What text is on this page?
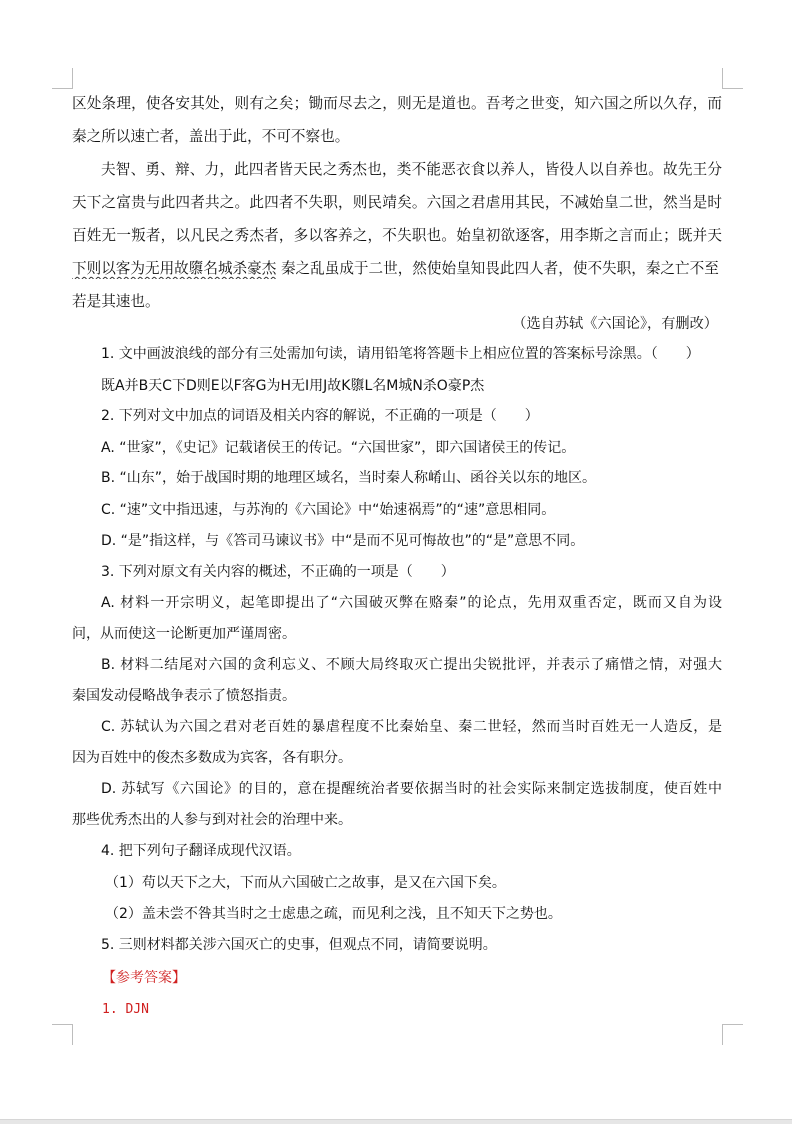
区处条理，使各安其处，则有之矣；锄而尽去之，则无是道也。吾考之世变，知六国之所以久存，而
秦之所以速亡者，盖出于此，不可不察也。
夫智、勇、辩、力，此四者皆天民之秀杰也，类不能恶衣食以养人，皆役人以自养也。故先王分
天下之富贵与此四者共之。此四者不失职，则民靖矣。六国之君虐用其民，不减始皇二世，然当是时
百姓无一叛者，以凡民之秀杰者，多以客养之，不失职也。始皇初欲逐客，用李斯之言而止；既并天
下则以客为无用故隳名城杀豪杰 秦之乱虽成于二世，然使始皇知畏此四人者，使不失职，秦之亡不至
若是其速也。
（选自苏轼《六国论》，有删改）
1. 文中画波浪线的部分有三处需加句读，请用铅笔将答题卡上相应位置的答案标号涂黑。（　　）
既A并B天C下D则E以F客G为H无I用J故K隳L名M城N杀O豪P杰
2. 下列对文中加点的词语及相关内容的解说，不正确的一项是（　　）
A. “世家”，《史记》记载诸侯王的传记。“六国世家”，即六国诸侯王的传记。
B. “山东”，始于战国时期的地理区域名，当时秦人称崤山、函谷关以东的地区。
C. “速”文中指迅速，与苏洵的《六国论》中“始速祸焉”的“速”意思相同。
D. “是”指这样，与《答司马谏议书》中“是而不见可悔故也”的“是”意思不同。
3. 下列对原文有关内容的概述，不正确的一项是（　　）
A. 材料一开宗明义，起笔即提出了“六国破灭弊在赂秦”的论点，先用双重否定，既而又自为设
问，从而使这一论断更加严谨周密。
B. 材料二结尾对六国的贪利忘义、不顾大局终取灭亡提出尖锐批评，并表示了痛惜之情，对强大
秦国发动侵略战争表示了愤怒指责。
C. 苏轼认为六国之君对老百姓的暴虐程度不比秦始皇、秦二世轻，然而当时百姓无一人造反，是
因为百姓中的俊杰多数成为宾客，各有职分。
D. 苏轼写《六国论》的目的，意在提醒统治者要依据当时的社会实际来制定选拔制度，使百姓中
那些优秀杰出的人参与到对社会的治理中来。
4. 把下列句子翻译成现代汉语。
（1）苟以天下之大，下而从六国破亡之故事，是又在六国下矣。
（2）盖未尝不咎其当时之士虑患之疏，而见利之浅，且不知天下之势也。
5. 三则材料都关涉六国灭亡的史事，但观点不同，请简要说明。
【参考答案】
1. DJN
